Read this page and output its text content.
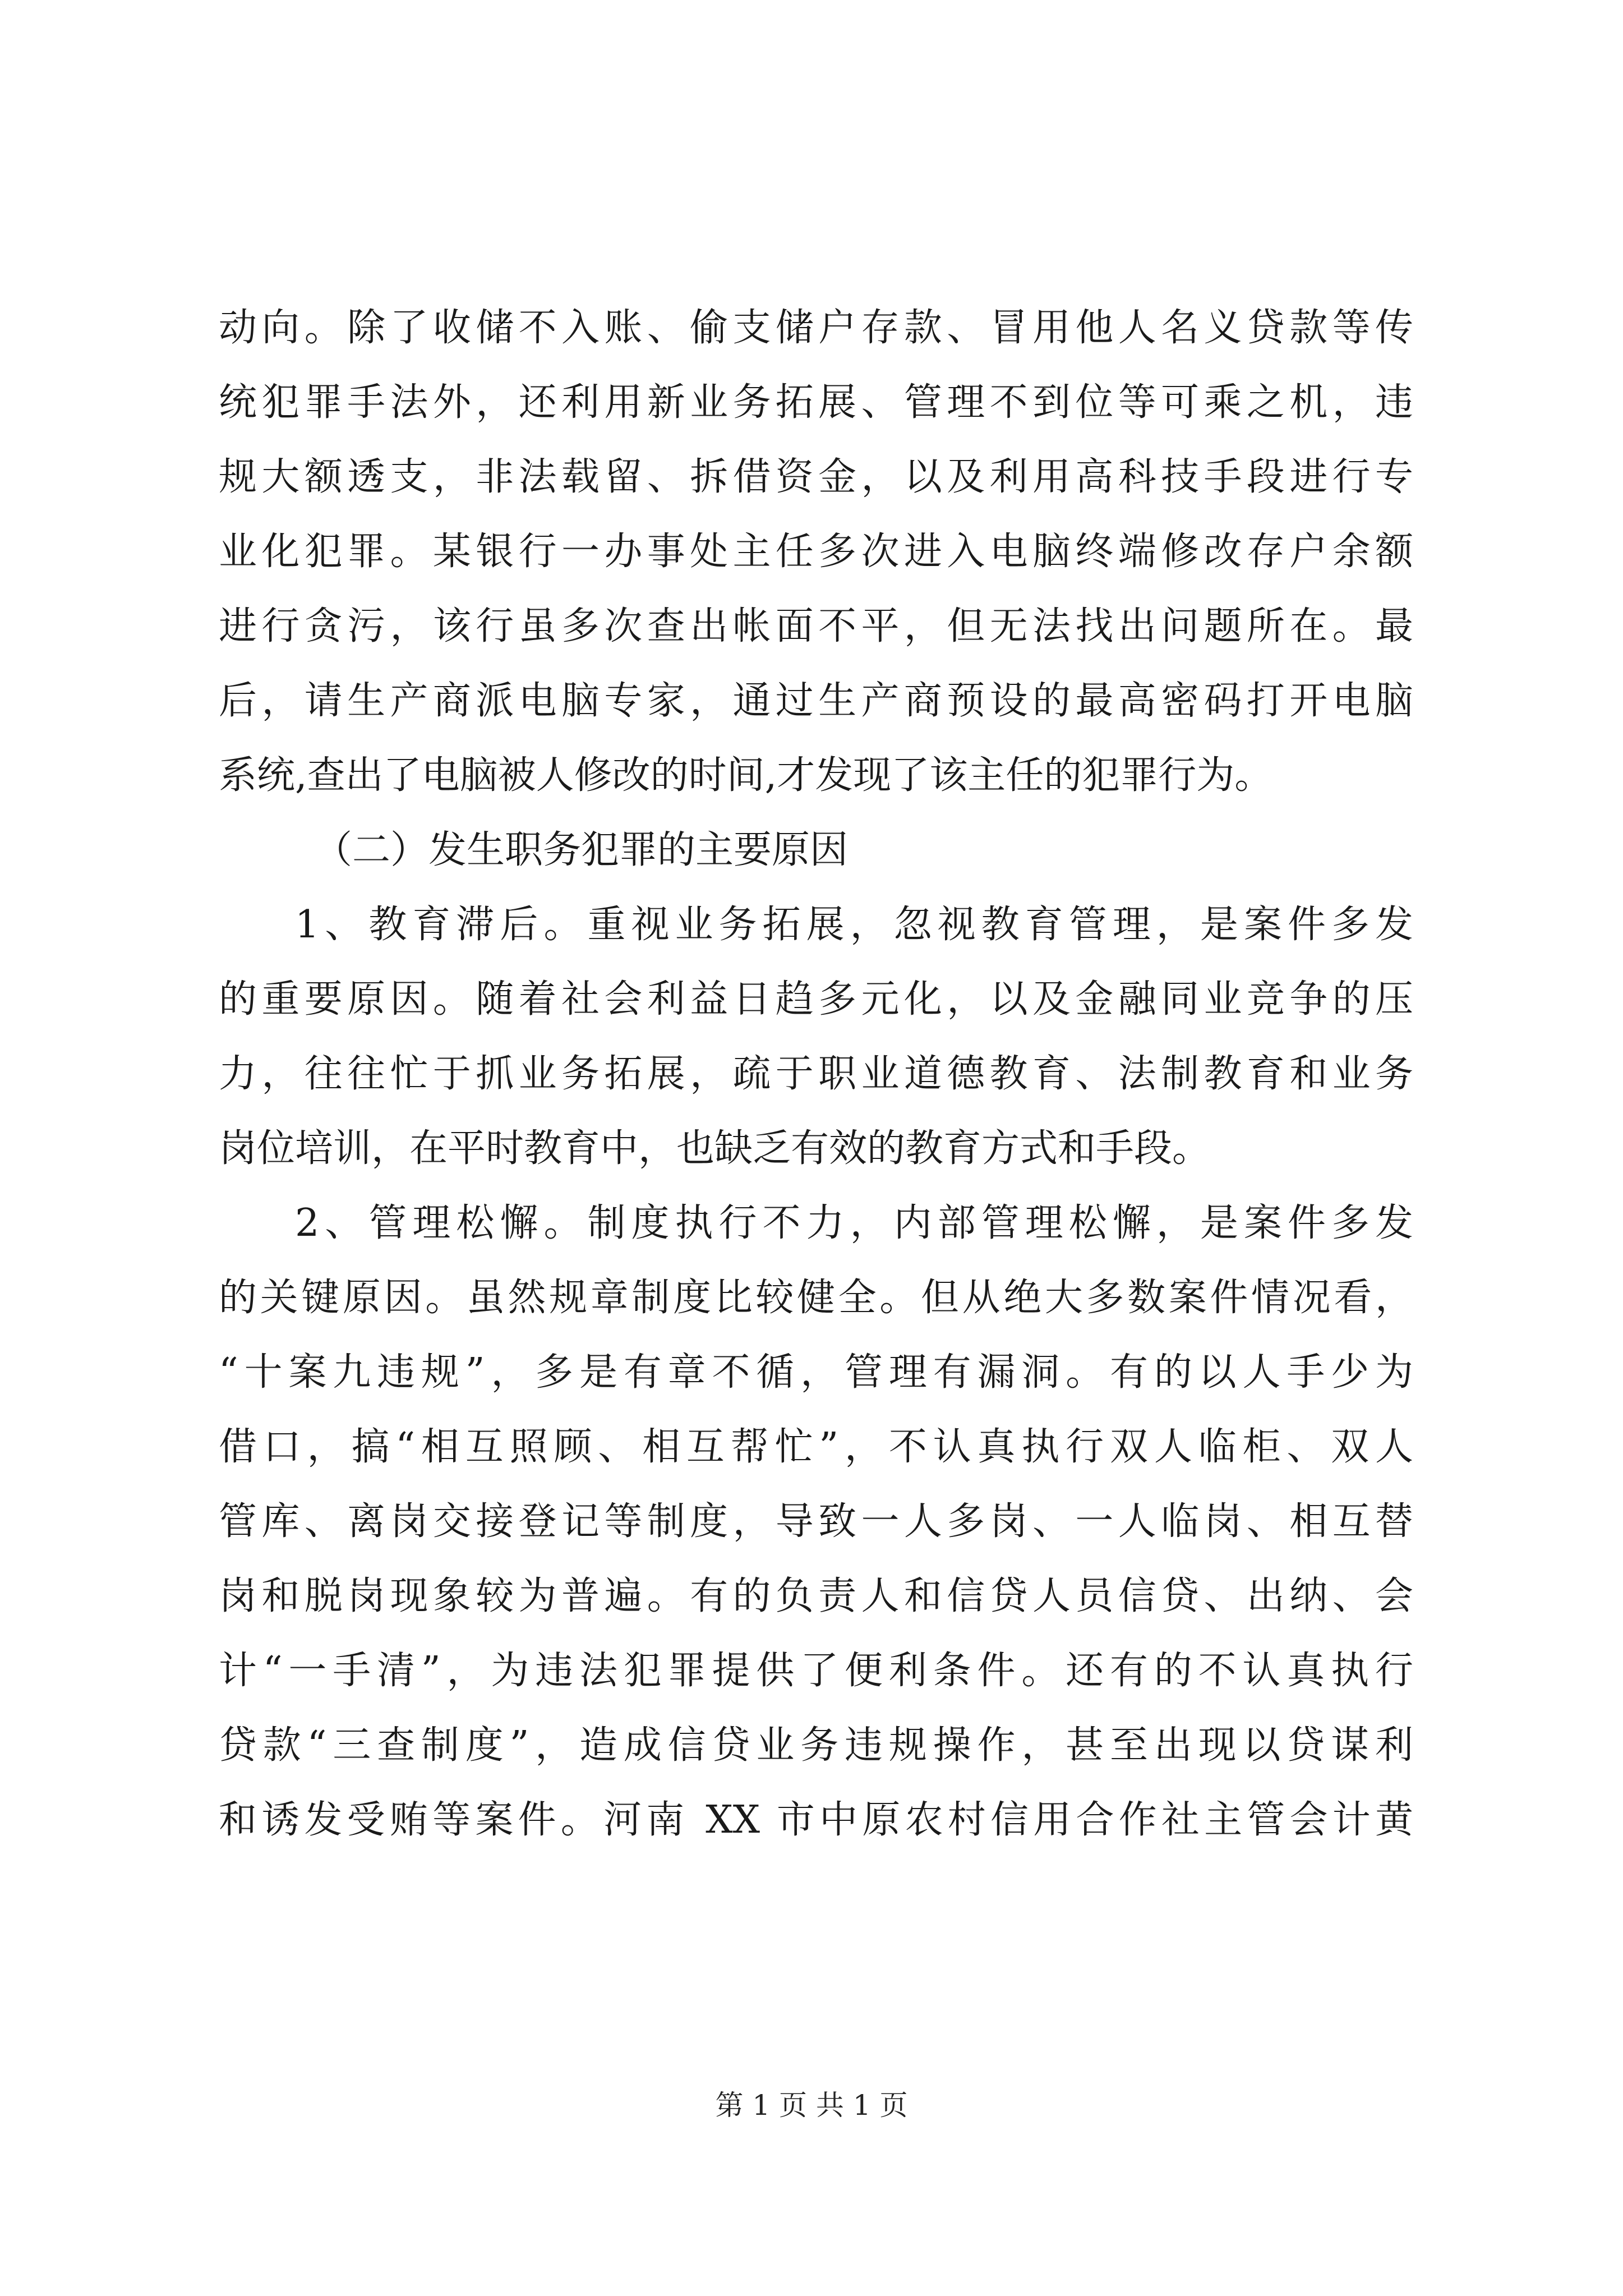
动向。除了收储不入账、偷支储户存款、冒用他人名义贷款等传
统犯罪手法外，还利用新业务拓展、管理不到位等可乘之机，违
规大额透支，非法载留、拆借资金，以及利用高科技手段进行专
业化犯罪。某银行一办事处主任多次进入电脑终端修改存户余额
进行贪污，该行虽多次查出帐面不平，但无法找出问题所在。最
后，请生产商派电脑专家，通过生产商预设的最高密码打开电脑
系统,查出了电脑被人修改的时间,才发现了该主任的犯罪行为。
（二）发生职务犯罪的主要原因
1、教育滞后。重视业务拓展，忽视教育管理，是案件多发
的重要原因。随着社会利益日趋多元化，以及金融同业竞争的压
力，往往忙于抓业务拓展，疏于职业道德教育、法制教育和业务
岗位培训，在平时教育中，也缺乏有效的教育方式和手段。
2、管理松懈。制度执行不力，内部管理松懈，是案件多发
的关键原因。虽然规章制度比较健全。但从绝大多数案件情况看，
“十案九违规”，多是有章不循，管理有漏洞。有的以人手少为
借口，搞“相互照顾、相互帮忙”，不认真执行双人临柜、双人
管库、离岗交接登记等制度，导致一人多岗、一人临岗、相互替
岗和脱岗现象较为普遍。有的负责人和信贷人员信贷、出纳、会
计“一手清”，为违法犯罪提供了便利条件。还有的不认真执行
贷款“三查制度”，造成信贷业务违规操作，甚至出现以贷谋利
和诱发受贿等案件。河南 XX 市中原农村信用合作社主管会计黄
第 1 页 共 1 页
